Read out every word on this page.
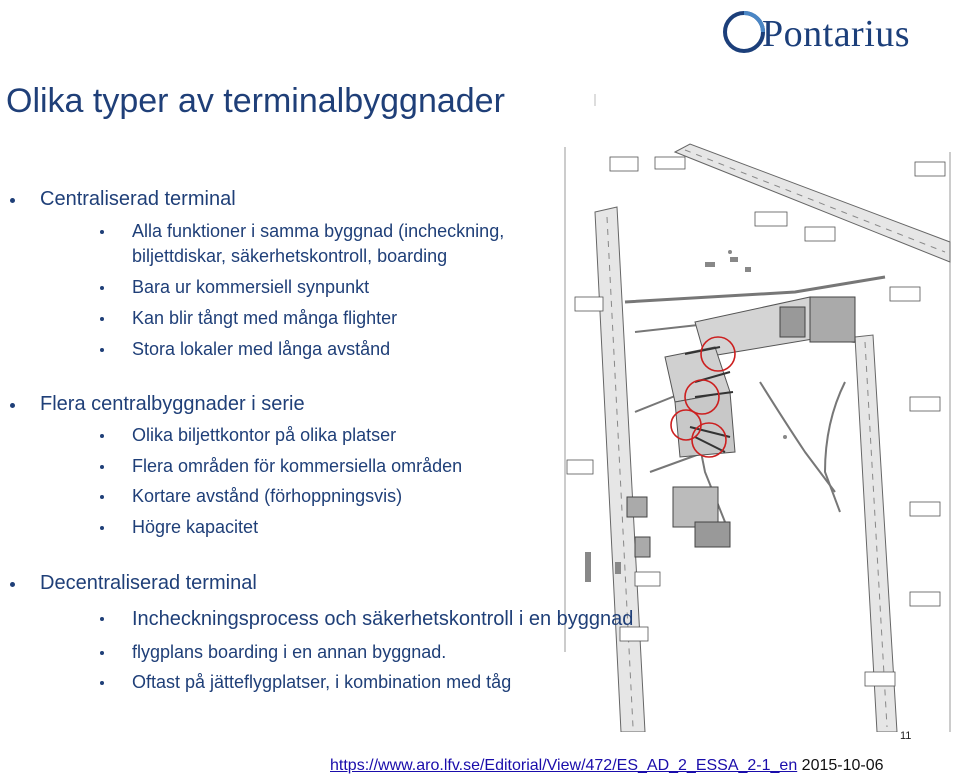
Pontarius
Olika typer av terminalbyggnader
Centraliserad terminal
Alla funktioner i samma byggnad (incheckning,
biljettdiskar, säkerhetskontroll, boarding
Bara ur kommersiell synpunkt
Kan blir tångt med många flighter
Stora lokaler med långa avstånd
Flera centralbyggnader i serie
Olika biljettkontor på olika platser
Flera områden för kommersiella områden
Kortare avstånd (förhoppningsvis)
Högre kapacitet
Decentraliserad terminal
Incheckningsprocess och säkerhetskontroll i en byggnad
flygplans boarding i en annan byggnad.
Oftast på jätteflygplatser, i kombination med tåg
11
https://www.aro.lfv.se/Editorial/View/472/ES_AD_2_ESSA_2-1_en 2015-10-06
